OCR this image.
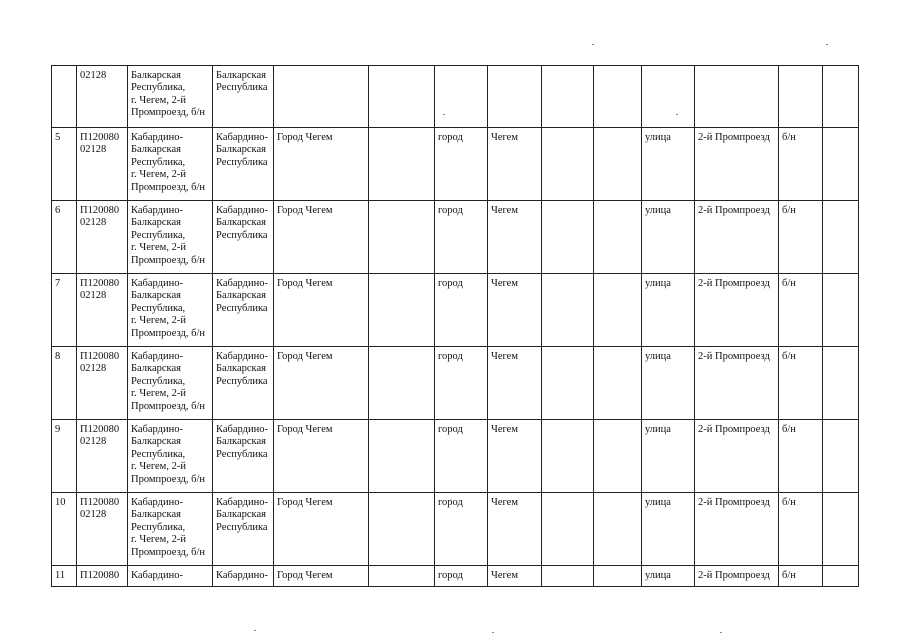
	02128	Балкарская
Республика,
г. Чегем, 2-й
Промпроезд, б/н	Балкарская
Республика										
5	П120080
02128	Кабардино-
Балкарская
Республика,
г. Чегем, 2-й
Промпроезд, б/н	Кабардино-
Балкарская
Республика	Город Чегем		город	Чегем			улица	2-й Промпроезд	б/н	
6	П120080
02128	Кабардино-
Балкарская
Республика,
г. Чегем, 2-й
Промпроезд, б/н	Кабардино-
Балкарская
Республика	Город Чегем		город	Чегем			улица	2-й Промпроезд	б/н	
7	П120080
02128	Кабардино-
Балкарская
Республика,
г. Чегем, 2-й
Промпроезд, б/н	Кабардино-
Балкарская
Республика	Город Чегем		город	Чегем			улица	2-й Промпроезд	б/н	
8	П120080
02128	Кабардино-
Балкарская
Республика,
г. Чегем, 2-й
Промпроезд, б/н	Кабардино-
Балкарская
Республика	Город Чегем		город	Чегем			улица	2-й Промпроезд	б/н	
9	П120080
02128	Кабардино-
Балкарская
Республика,
г. Чегем, 2-й
Промпроезд, б/н	Кабардино-
Балкарская
Республика	Город Чегем		город	Чегем			улица	2-й Промпроезд	б/н	
10	П120080
02128	Кабардино-
Балкарская
Республика,
г. Чегем, 2-й
Промпроезд, б/н	Кабардино-
Балкарская
Республика	Город Чегем		город	Чегем			улица	2-й Промпроезд	б/н	
11	П120080	Кабардино-	Кабардино-	Город Чегем		город	Чегем			улица	2-й Промпроезд	б/н	
